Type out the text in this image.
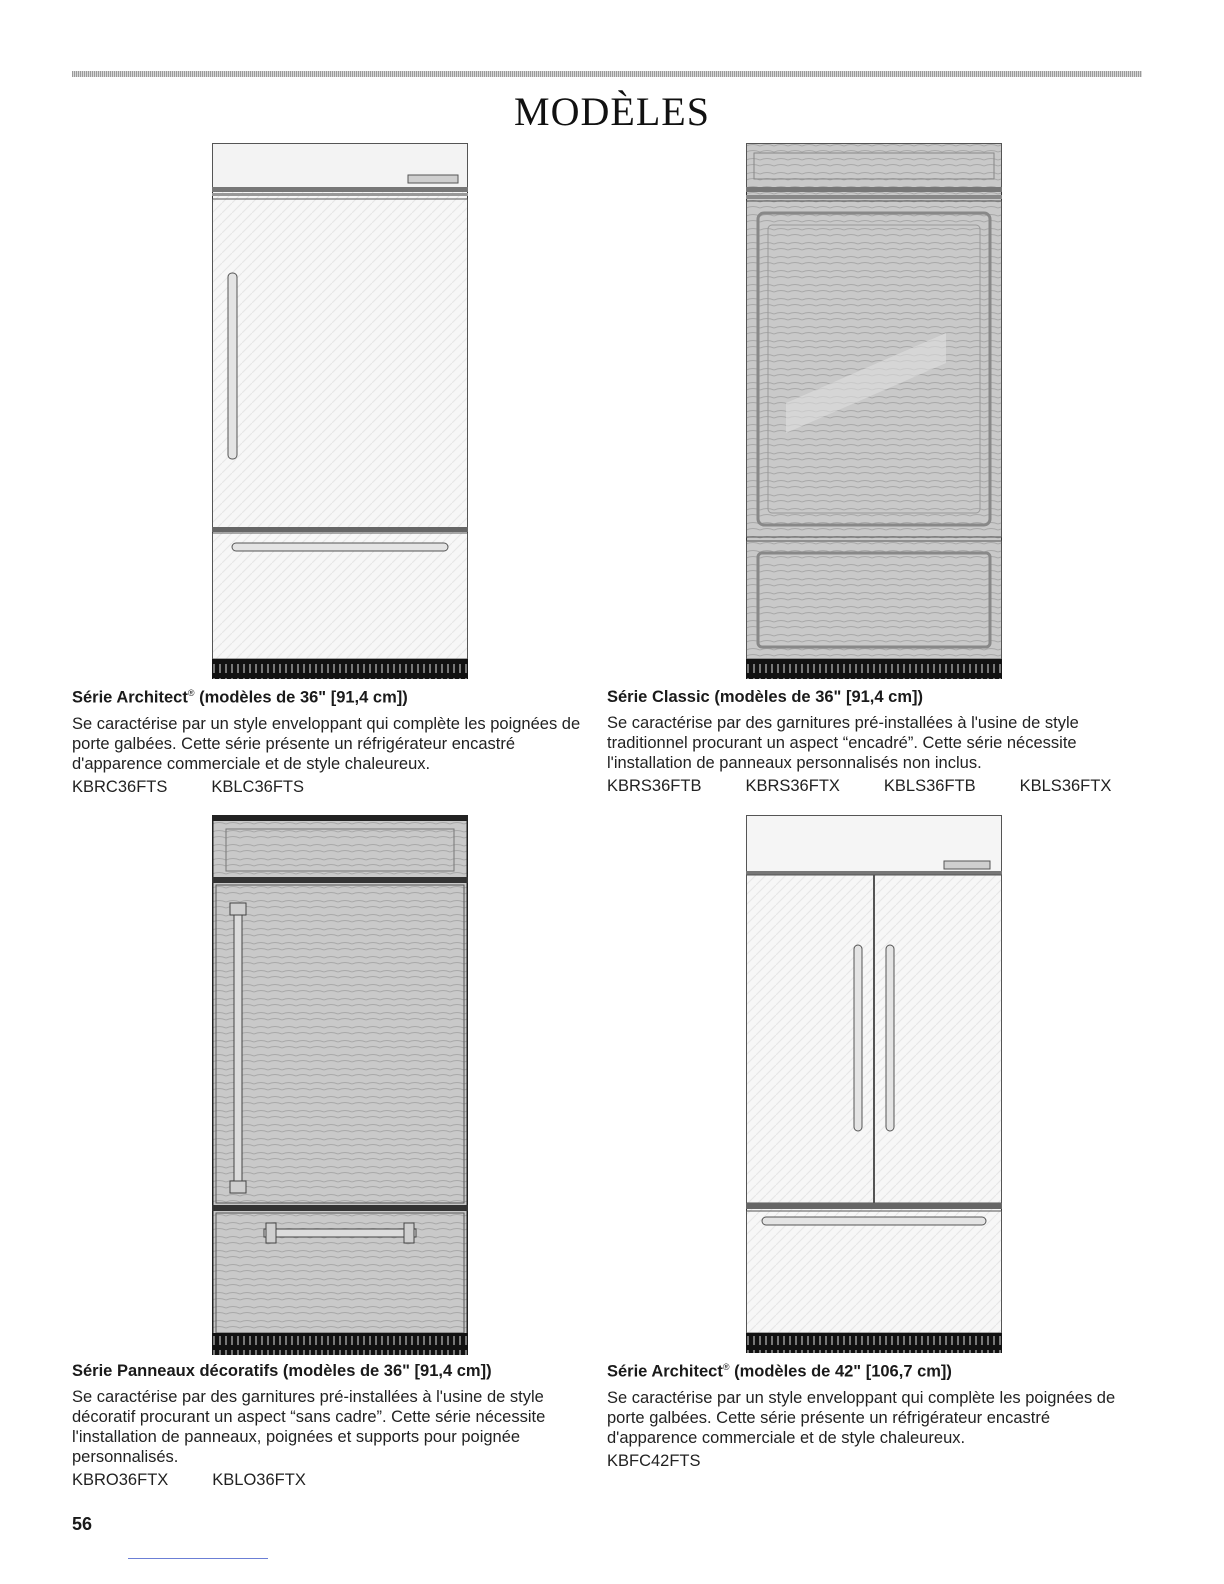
MODÈLES

Série Architect® (modèles de 36" [91,4 cm])

Se caractérise par un style enveloppant qui complète les poignées de porte galbées. Cette série présente un réfrigérateur encastré d'apparence commerciale et de style chaleureux.

KBRC36FTS	KBLC36FTS

Série Classic (modèles de 36" [91,4 cm])

Se caractérise par des garnitures pré-installées à l'usine de style traditionnel procurant un aspect “encadré”. Cette série nécessite l'installation de panneaux personnalisés non inclus.

KBRS36FTB	KBRS36FTX	KBLS36FTB	KBLS36FTX

Série Panneaux décoratifs (modèles de 36" [91,4 cm])

Se caractérise par des garnitures pré-installées à l'usine de style décoratif procurant un aspect “sans cadre”. Cette série nécessite l'installation de panneaux, poignées et supports pour poignée personnalisés.

KBRO36FTX	KBLO36FTX

Série Architect® (modèles de 42" [106,7 cm])

Se caractérise par un style enveloppant qui complète les poignées de porte galbées. Cette série présente un réfrigérateur encastré d'apparence commerciale et de style chaleureux.

KBFC42FTS
56
